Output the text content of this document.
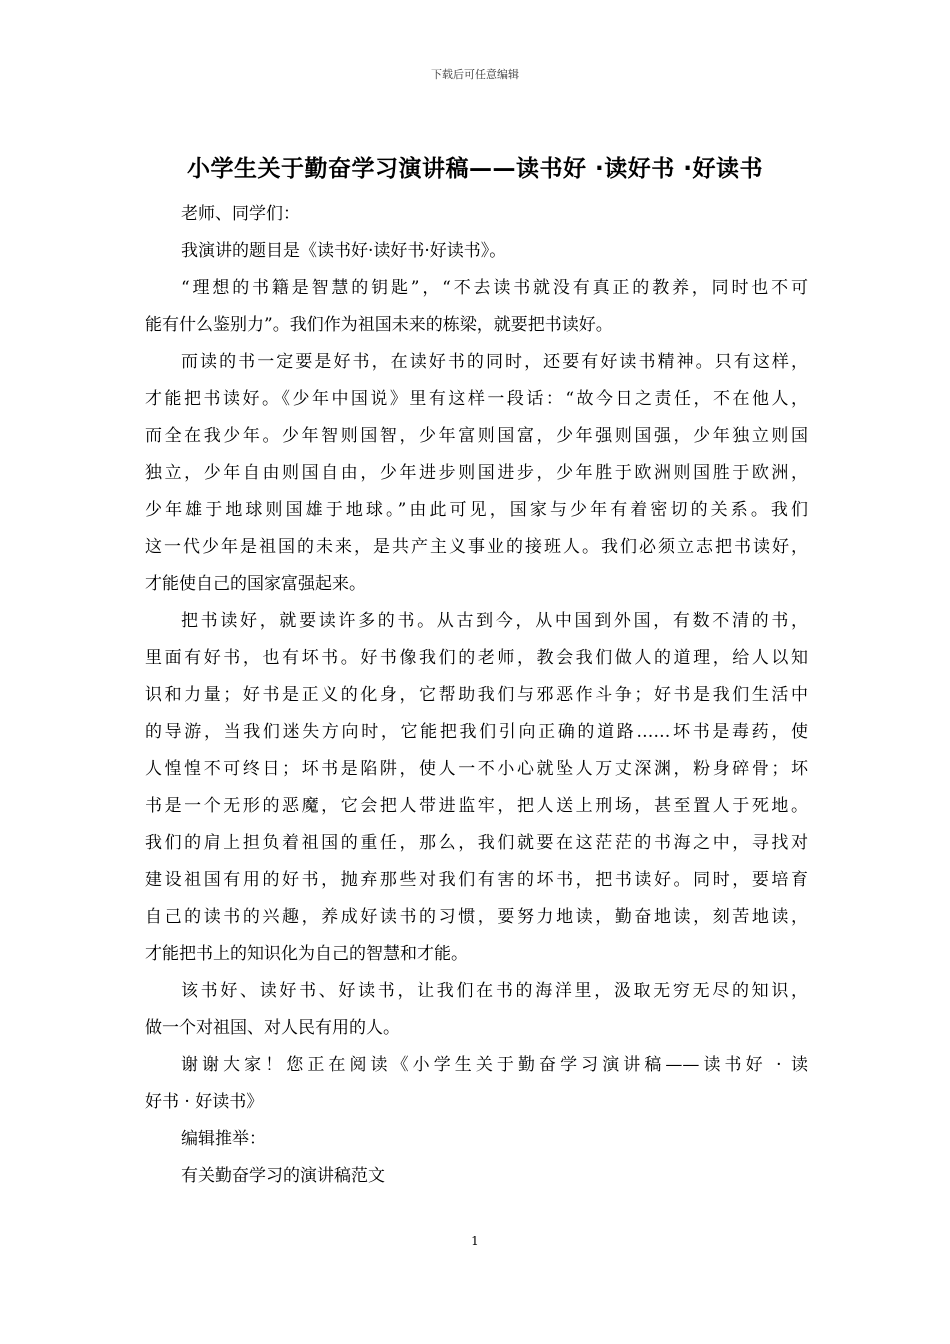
下载后可任意编辑
小学生关于勤奋学习演讲稿——读书好 ·读好书 ·好读书
老师、同学们：
我演讲的题目是《读书好·读好书·好读书》。
“理想的书籍是智慧的钥匙”，“不去读书就没有真正的教养，同时也不可
能有什么鉴别力”。我们作为祖国未来的栋梁，就要把书读好。
而读的书一定要是好书，在读好书的同时，还要有好读书精神。只有这样，
才能把书读好。《少年中国说》里有这样一段话：“故今日之责任，不在他人，
而全在我少年。少年智则国智，少年富则国富，少年强则国强，少年独立则国
独立，少年自由则国自由，少年进步则国进步，少年胜于欧洲则国胜于欧洲，
少年雄于地球则国雄于地球。”由此可见，国家与少年有着密切的关系。我们
这一代少年是祖国的未来，是共产主义事业的接班人。我们必须立志把书读好，
才能使自己的国家富强起来。
把书读好，就要读许多的书。从古到今，从中国到外国，有数不清的书，
里面有好书，也有坏书。好书像我们的老师，教会我们做人的道理，给人以知
识和力量；好书是正义的化身，它帮助我们与邪恶作斗争；好书是我们生活中
的导游，当我们迷失方向时，它能把我们引向正确的道路……坏书是毒药，使
人惶惶不可终日；坏书是陷阱，使人一不小心就坠人万丈深渊，粉身碎骨；坏
书是一个无形的恶魔，它会把人带进监牢，把人送上刑场，甚至置人于死地。
我们的肩上担负着祖国的重任，那么，我们就要在这茫茫的书海之中，寻找对
建设祖国有用的好书，抛弃那些对我们有害的坏书，把书读好。同时，要培育
自己的读书的兴趣，养成好读书的习惯，要努力地读，勤奋地读，刻苦地读，
才能把书上的知识化为自己的智慧和才能。
该书好、读好书、好读书，让我们在书的海洋里，汲取无穷无尽的知识，
做一个对祖国、对人民有用的人。
谢谢大家！您正在阅读《小学生关于勤奋学习演讲稿——读书好 · 读
好书 · 好读书》
编辑推举：
有关勤奋学习的演讲稿范文
1
